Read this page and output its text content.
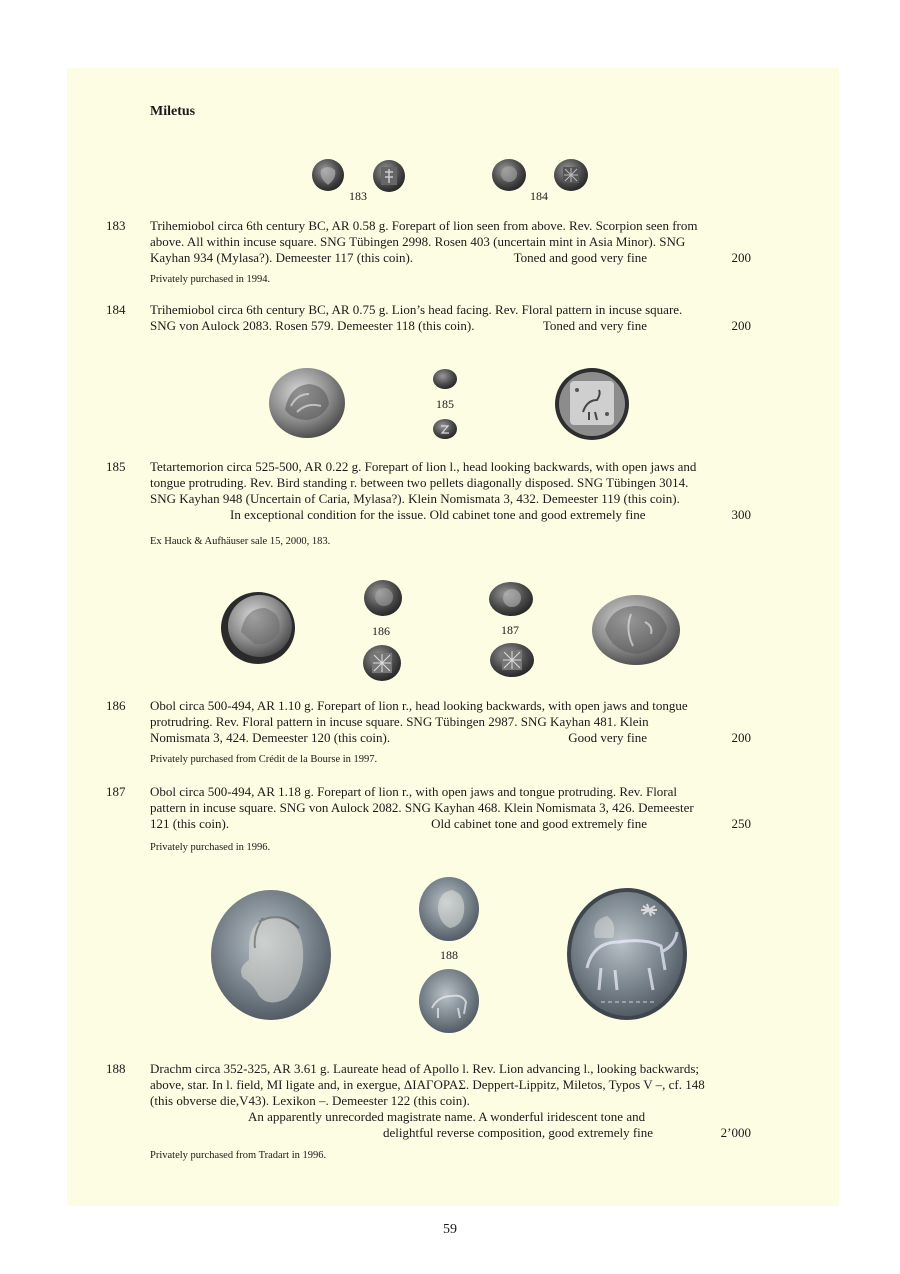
Miletus
183	184
183 Trihemiobol circa 6th century BC, AR 0.58 g. Forepart of lion seen from above. Rev. Scorpion seen from
above. All within incuse square. SNG Tübingen 2998. Rosen 403 (uncertain mint in Asia Minor). SNG
Kayhan 934 (Mylasa?). Demeester 117 (this coin).	Toned and good very fine	200
Privately purchased in 1994.
184 Trihemiobol circa 6th century BC, AR 0.75 g. Lion’s head facing. Rev. Floral pattern in incuse square.
SNG von Aulock 2083. Rosen 579. Demeester 118 (this coin).	Toned and very fine	200
185
185 Tetartemorion circa 525-500, AR 0.22 g. Forepart of lion l., head looking backwards, with open jaws and
tongue protruding. Rev. Bird standing r. between two pellets diagonally disposed. SNG Tübingen 3014.
SNG Kayhan 948 (Uncertain of Caria, Mylasa?). Klein Nomismata 3, 432. Demeester 119 (this coin).
In exceptional condition for the issue. Old cabinet tone and good extremely fine	300
Ex Hauck & Aufhäuser sale 15, 2000, 183.
186	187
186 Obol circa 500-494, AR 1.10 g. Forepart of lion r., head looking backwards, with open jaws and tongue
protrudring. Rev. Floral pattern in incuse square. SNG Tübingen 2987. SNG Kayhan 481. Klein
Nomismata 3, 424. Demeester 120 (this coin).	Good very fine	200
Privately purchased from Crédit de la Bourse in 1997.
187 Obol circa 500-494, AR 1.18 g. Forepart of lion r., with open jaws and tongue protruding. Rev. Floral
pattern in incuse square. SNG von Aulock 2082. SNG Kayhan 468. Klein Nomismata 3, 426. Demeester
121 (this coin).	Old cabinet tone and good extremely fine	250
Privately purchased in 1996.
188
188 Drachm circa 352-325, AR 3.61 g. Laureate head of Apollo l. Rev. Lion advancing l., looking backwards;
above, star. In l. field, MI ligate and, in exergue, ΔΙΑΓΟΡΑΣ. Deppert-Lippitz, Miletos, Typos V –, cf. 148
(this obverse die,V43). Lexikon –. Demeester 122 (this coin).
An apparently unrecorded magistrate name. A wonderful iridescent tone and
delightful reverse composition, good extremely fine	2’000
Privately purchased from Tradart in 1996.
59
